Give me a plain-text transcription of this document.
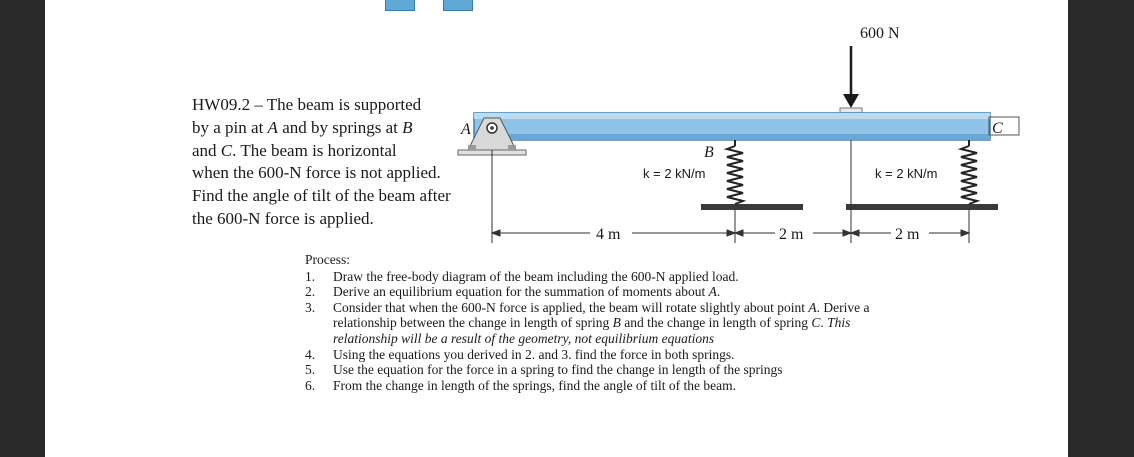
HW09.2 – The beam is supported
by a pin at A and by springs at B
and C. The beam is horizontal
when the 600-N force is not applied. Find the angle of tilt of the beam after the 600-N force is applied.
600 N
A
B
k = 2 kN/m
C
k = 2 kN/m
4 m	2 m	2 m
Process:
1.	Draw the free-body diagram of the beam including the 600-N applied load.
2.	Derive an equilibrium equation for the summation of moments about A.
3.	Consider that when the 600-N force is applied, the beam will rotate slightly about point A. Derive a relationship between the change in length of spring B and the change in length of spring C. This relationship will be a result of the geometry, not equilibrium equations
4.	Using the equations you derived in 2. and 3. find the force in both springs.
5.	Use the equation for the force in a spring to find the change in length of the springs
6.	From the change in length of the springs, find the angle of tilt of the beam.
